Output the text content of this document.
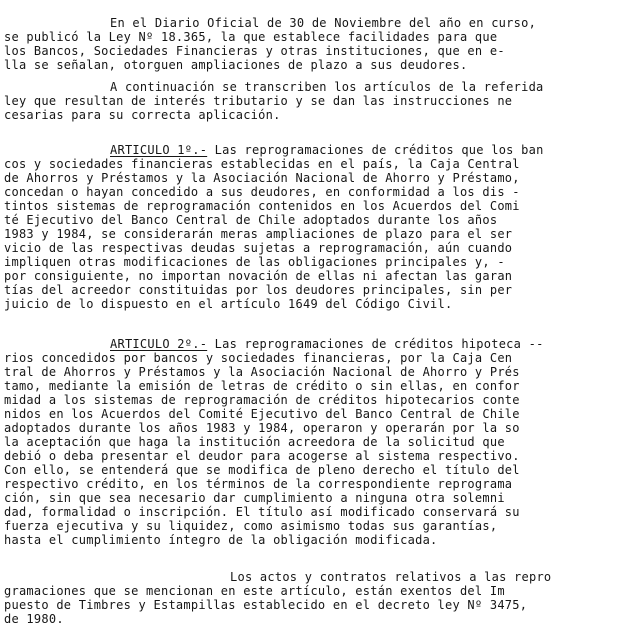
En el Diario Oficial de 30 de Noviembre del año en curso,

se publicó la Ley Nº 18.365, la que establece facilidades para que

los Bancos, Sociedades Financieras y otras instituciones, que en e-

lla se señalan, otorguen ampliaciones de plazo a sus deudores.

A continuación se transcriben los artículos de la referida

ley que resultan de interés tributario y se dan las instrucciones ne

cesarias para su correcta aplicación.

ARTICULO 1º.- Las reprogramaciones de créditos que los ban

cos y sociedades financieras establecidas en el país, la Caja Central

de Ahorros y Préstamos y la Asociación Nacional de Ahorro y Préstamo,

concedan o hayan concedido a sus deudores, en conformidad a los dis -

tintos sistemas de reprogramación contenidos en los Acuerdos del Comi

té Ejecutivo del Banco Central de Chile adoptados durante los años

1983 y 1984, se considerarán meras ampliaciones de plazo para el ser

vicio de las respectivas deudas sujetas a reprogramación, aún cuando

impliquen otras modificaciones de las obligaciones principales y, -

por consiguiente, no importan novación de ellas ni afectan las garan

tías del acreedor constituidas por los deudores principales, sin per

juicio de lo dispuesto en el artículo 1649 del Código Civil.

ARTICULO 2º.- Las reprogramaciones de créditos hipoteca --

rios concedidos por bancos y sociedades financieras, por la Caja Cen

tral de Ahorros y Préstamos y la Asociación Nacional de Ahorro y Prés

tamo, mediante la emisión de letras de crédito o sin ellas, en confor

midad a los sistemas de reprogramación de créditos hipotecarios conte

nidos en los Acuerdos del Comité Ejecutivo del Banco Central de Chile

adoptados durante los años 1983 y 1984, operaron y operarán por la so

la aceptación que haga la institución acreedora de la solicitud que

debió o deba presentar el deudor para acogerse al sistema respectivo.

Con ello, se entenderá que se modifica de pleno derecho el título del

respectivo crédito, en los términos de la correspondiente reprograma

ción, sin que sea necesario dar cumplimiento a ninguna otra solemni

dad, formalidad o inscripción. El título así modificado conservará su

fuerza ejecutiva y su liquidez, como asimismo todas sus garantías,

hasta el cumplimiento íntegro de la obligación modificada.

Los actos y contratos relativos a las repro

gramaciones que se mencionan en este artículo, están exentos del Im

puesto de Timbres y Estampillas establecido en el decreto ley Nº 3475,

de 1980.
